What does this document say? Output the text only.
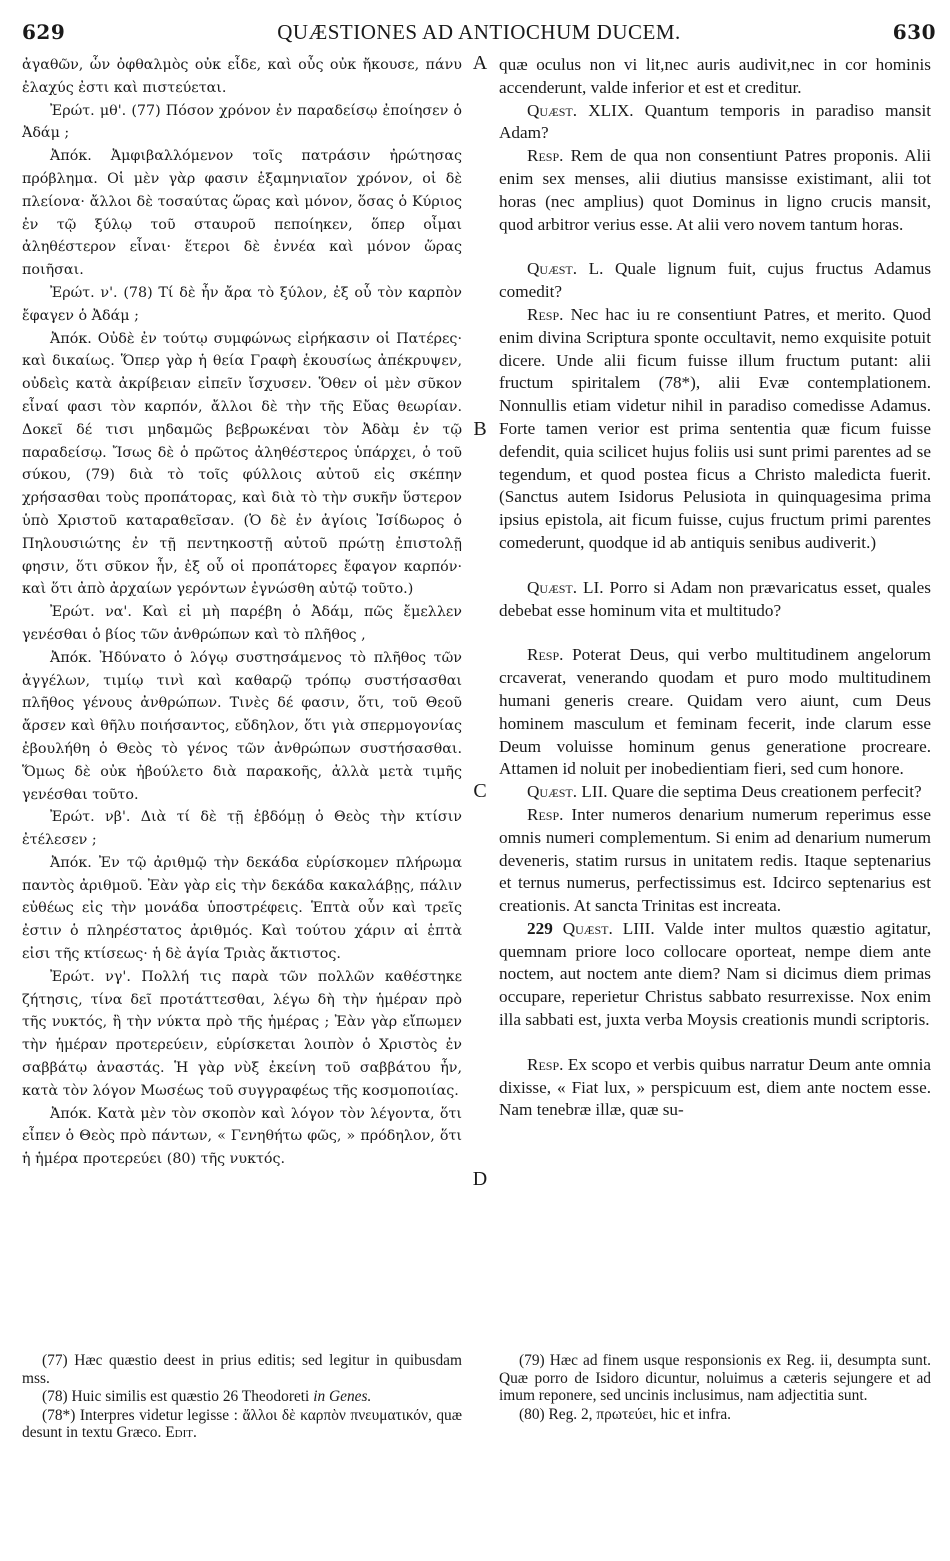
629	QUÆSTIONES AD ANTIOCHUM DUCEM.	630

ἀγαθῶν, ὧν ὀφθαλμὸς οὐκ εἶδε, καὶ οὖς οὐκ ἤκουσε, πάνυ ἐλαχύς ἐστι καὶ πιστεύεται.

Ἐρώτ. μθ'. (77) Πόσον χρόνον ἐν παραδείσῳ ἐποίησεν ὁ Ἀδάμ ;

Ἀπόκ. Ἀμφιβαλλόμενον τοῖς πατράσιν ἠρώτησας πρόβλημα. Οἱ μὲν γὰρ φασιν ἑξαμηνιαῖον χρόνον, οἱ δὲ πλείονα· ἄλλοι δὲ τοσαύτας ὥρας καὶ μόνον, ὅσας ὁ Κύριος ἐν τῷ ξύλῳ τοῦ σταυροῦ πεποίηκεν, ὅπερ οἶμαι ἀληθέστερον εἶναι· ἕτεροι δὲ ἐννέα καὶ μόνον ὥρας ποιῆσαι.

Ἐρώτ. ν'. (78) Τί δὲ ἦν ἄρα τὸ ξύλον, ἐξ οὗ τὸν καρπὸν ἔφαγεν ὁ Ἀδάμ ;

Ἀπόκ. Οὐδὲ ἐν τούτῳ συμφώνως εἰρήκασιν οἱ Πατέρες· καὶ δικαίως. Ὅπερ γὰρ ἡ θεία Γραφὴ ἑκουσίως ἀπέκρυψεν, οὐδεὶς κατὰ ἀκρίβειαν εἰπεῖν ἴσχυσεν. Ὅθεν οἱ μὲν σῦκον εἶναί φασι τὸν καρπόν, ἄλλοι δὲ τὴν τῆς Εὔας θεωρίαν. Δοκεῖ δέ τισι μηδαμῶς βεβρωκέναι τὸν Ἀδὰμ ἐν τῷ παραδείσῳ. Ἴσως δὲ ὁ πρῶτος ἀληθέστερος ὑπάρχει, ὁ τοῦ σύκου, (79) διὰ τὸ τοῖς φύλλοις αὐτοῦ εἰς σκέπην χρήσασθαι τοὺς προπάτορας, καὶ διὰ τὸ τὴν συκῆν ὕστερον ὑπὸ Χριστοῦ καταραθεῖσαν. (Ὁ δὲ ἐν ἁγίοις Ἰσίδωρος ὁ Πηλουσιώτης ἐν τῇ πεντηκοστῇ αὐτοῦ πρώτῃ ἐπιστολῇ φησιν, ὅτι σῦκον ἦν, ἐξ οὗ οἱ προπάτορες ἔφαγον καρπόν· καὶ ὅτι ἀπὸ ἀρχαίων γερόντων ἐγνώσθη αὐτῷ τοῦτο.)

Ἐρώτ. να'. Καὶ εἰ μὴ παρέβη ὁ Ἀδάμ, πῶς ἔμελλεν γενέσθαι ὁ βίος τῶν ἀνθρώπων καὶ τὸ πλῆθος ,

Ἀπόκ. Ἠδύνατο ὁ λόγῳ συστησάμενος τὸ πλῆθος τῶν ἀγγέλων, τιμίῳ τινὶ καὶ καθαρῷ τρόπῳ συστήσασθαι πλῆθος γένους ἀνθρώπων. Τινὲς δέ φασιν, ὅτι, τοῦ Θεοῦ ἄρσεν καὶ θῆλυ ποιήσαντος, εὔδηλον, ὅτι γιὰ σπερμογονίας ἐβουλήθη ὁ Θεὸς τὸ γένος τῶν ἀνθρώπων συστήσασθαι. Ὅμως δὲ οὐκ ἠβούλετο διὰ παρακοῆς, ἀλλὰ μετὰ τιμῆς γενέσθαι τοῦτο.

Ἐρώτ. νβ'. Διὰ τί δὲ τῇ ἑβδόμῃ ὁ Θεὸς τὴν κτίσιν ἐτέλεσεν ;

Ἀπόκ. Ἐν τῷ ἀριθμῷ τὴν δεκάδα εὑρίσκομεν πλήρωμα παντὸς ἀριθμοῦ. Ἐὰν γὰρ εἰς τὴν δεκάδα κακαλάβῃς, πάλιν εὐθέως εἰς τὴν μονάδα ὑποστρέφεις. Ἑπτὰ οὖν καὶ τρεῖς ἐστιν ὁ πληρέστατος ἀριθμός. Καὶ τούτου χάριν αἱ ἑπτὰ εἰσι τῆς κτίσεως· ἡ δὲ ἁγία Τριὰς ἄκτιστος.

Ἐρώτ. νγ'. Πολλή τις παρὰ τῶν πολλῶν καθέστηκε ζήτησις, τίνα δεῖ προτάττεσθαι, λέγω δὴ τὴν ἡμέραν πρὸ τῆς νυκτός, ἢ τὴν νύκτα πρὸ τῆς ἡμέρας ; Ἐὰν γὰρ εἴπωμεν τὴν ἡμέραν προτερεύειν, εὑρίσκεται λοιπὸν ὁ Χριστὸς ἐν σαββάτῳ ἀναστάς. Ἡ γὰρ νὺξ ἐκείνη τοῦ σαββάτου ἦν, κατὰ τὸν λόγον Μωσέως τοῦ συγγραφέως τῆς κοσμοποιίας.

Ἀπόκ. Κατὰ μὲν τὸν σκοπὸν καὶ λόγον τὸν λέγοντα, ὅτι εἶπεν ὁ Θεὸς πρὸ πάντων, « Γενηθήτω φῶς, » πρόδηλον, ὅτι ἡ ἡμέρα προτερεύει (80) τῆς νυκτός.

A
B
C
D

quæ oculus non vi lit,nec auris audivit,nec in cor hominis accenderunt, valde inferior et est et creditur.

Quæst. XLIX. Quantum temporis in paradiso mansit Adam?

Resp. Rem de qua non consentiunt Patres proponis. Alii enim sex menses, alii diutius mansisse existimant, alii tot horas (nec amplius) quot Dominus in ligno crucis mansit, quod arbitror verius esse. At alii vero novem tantum horas.

Quæst. L. Quale lignum fuit, cujus fructus Adamus comedit?

Resp. Nec hac iu re consentiunt Patres, et merito. Quod enim divina Scriptura sponte occultavit, nemo exquisite potuit dicere. Unde alii ficum fuisse illum fructum putant: alii fructum spiritalem (78*), alii Evæ contemplationem. Nonnullis etiam videtur nihil in paradiso comedisse Adamus. Forte tamen verior est prima sententia quæ ficum fuisse defendit, quia scilicet hujus foliis usi sunt primi parentes ad se tegendum, et quod postea ficus a Christo maledicta fuerit. (Sanctus autem Isidorus Pelusiota in quinquagesima prima ipsius epistola, ait ficum fuisse, cujus fructum primi parentes comederunt, quodque id ab antiquis senibus audiverit.)

Quæst. LI. Porro si Adam non prævaricatus esset, quales debebat esse hominum vita et multitudo?

Resp. Poterat Deus, qui verbo multitudinem angelorum crcaverat, venerando quodam et puro modo multitudinem humani generis creare. Quidam vero aiunt, cum Deus hominem masculum et feminam fecerit, inde clarum esse Deum voluisse hominum genus generatione procreare. Attamen id noluit per inobedientiam fieri, sed cum honore.

Quæst. LII. Quare die septima Deus creationem perfecit?

Resp. Inter numeros denarium numerum reperimus esse omnis numeri complementum. Si enim ad denarium numerum deveneris, statim rursus in unitatem redis. Itaque septenarius et ternus numerus, perfectissimus est. Idcirco septenarius est creationis. At sancta Trinitas est increata.

229 Quæst. LIII. Valde inter multos quæstio agitatur, quemnam priore loco collocare oporteat, nempe diem ante noctem, aut noctem ante diem? Nam si dicimus diem primas occupare, reperietur Christus sabbato resurrexisse. Nox enim illa sabbati est, juxta verba Moysis creationis mundi scriptoris.

Resp. Ex scopo et verbis quibus narratur Deum ante omnia dixisse, « Fiat lux, » perspicuum est, diem ante noctem esse. Nam tenebræ illæ, quæ su-

(77) Hæc quæstio deest in prius editis; sed legitur in quibusdam mss.

(78) Huic similis est quæstio 26 Theodoreti in Genes.

(78*) Interpres videtur legisse : ἄλλοι δὲ καρπὸν πνευματικόν, quæ desunt in textu Græco. Edit.

(79) Hæc ad finem usque responsionis ex Reg. ii, desumpta sunt. Quæ porro de Isidoro dicuntur, noluimus a cæteris sejungere et ad imum reponere, sed uncinis inclusimus, nam adjectitia sunt.

(80) Reg. 2, πρωτεύει, hic et infra.
